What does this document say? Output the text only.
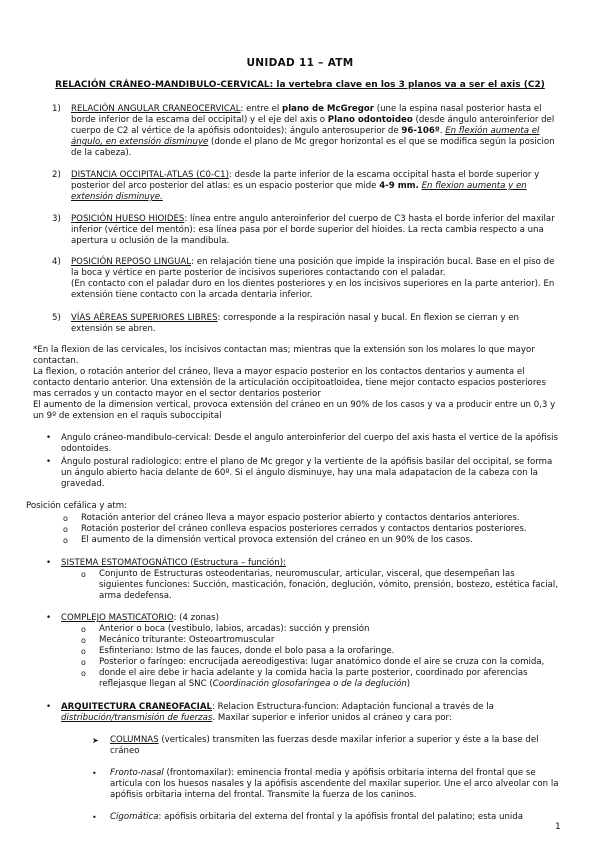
UNIDAD 11 – ATM
RELACIÓN CRÁNEO-MANDIBULO-CERVICAL: la vertebra clave en los 3 planos va a ser el axis (C2)
1) RELACIÓN ANGULAR CRANEOCERVICAL: entre el plano de McGregor (une la espina nasal posterior hasta el borde inferior de la escama del occipital) y el eje del axis o Plano odontoideo (desde ángulo anteroinferior del cuerpo de C2 al vértice de la apófisis odontoides): ángulo anterosuperior de 96-106º. En flexión aumenta el ángulo, en extensión disminuye (donde el plano de Mc gregor horizontal es el que se modifica según la posicion de la cabeza).
2) DISTANCIA OCCIPITAL-ATLAS (C0-C1): desde la parte inferior de la escama occipital hasta el borde superior y posterior del arco posterior del atlas: es un espacio posterior que mide 4-9 mm. En flexion aumenta y en extensión disminuye.
3) POSICIÓN HUESO HIOIDES: línea entre angulo anteroinferior del cuerpo de C3 hasta el borde inferior del maxilar inferior (vértice del mentón): esa línea pasa por el borde superior del hioides. La recta cambia respecto a una apertura u oclusión de la mandibula.
4) POSICIÓN REPOSO LINGUAL: en relajación tiene una posición que impide la inspiración bucal. Base en el piso de la boca y vértice en parte posterior de incisivos superiores contactando con el paladar.
(En contacto con el paladar duro en los dientes posteriores y en los incisivos superiores en la parte anterior). En extensión tiene contacto con la arcada dentaria inferior.
5) VÍAS AÉREAS SUPERIORES LIBRES: corresponde a la respiración nasal y bucal. En flexion se cierran y en extensión se abren.
*En la flexion de las cervicales, los incisivos contactan mas; mientras que la extensión son los molares lo que mayor contactan.
La flexion, o rotación anterior del cráneo, lleva a mayor espacio posterior en los contactos dentarios y aumenta el contacto dentario anterior. Una extensión de la articulación occipitoatloidea, tiene mejor contacto espacios posteriores mas cerrados y un contacto mayor en el sector dentarios posterior
El aumento de la dimension vertical, provoca extensión del cráneo en un 90% de los casos y va a producir entre un 0,3 y un 9º de extension en el raquis suboccipital
• Angulo cráneo-mandibulo-cervical: Desde el angulo anteroinferior del cuerpo del axis hasta el vertice de la apófisis odontoides.
• Ángulo postural radiologico: entre el plano de Mc gregor y la vertiente de la apófisis basilar del occipital, se forma un ángulo abierto hacia delante de 60º. Si el ángulo disminuye, hay una mala adapatacion de la cabeza con la gravedad.
Posición cefálica y atm:
o Rotación anterior del cráneo lleva a mayor espacio posterior abierto y contactos dentarios anteriores.
o Rotación posterior del cráneo conlleva espacios posteriores cerrados y contactos dentarios posteriores.
o El aumento de la dimensión vertical provoca extensión del cráneo en un 90% de los casos.
• SISTEMA ESTOMATOGNÁTICO (Estructura – función):
o Conjunto de Estructuras osteodentarias, neuromuscular, articular, visceral, que desempeñan las siguientes funciones: Succión, masticación, fonación, deglución, vómito, prensión, bostezo, estética facial, arma dedefensa.
• COMPLEJO MASTICATORIO: (4 zonas)
o Anterior o boca (vestibulo, labios, arcadas): succión y prensión
o Mecánico triturante: Osteoartromuscular
o Esfinteriano: Istmo de las fauces, donde el bolo pasa a la orofaringe.
o Posterior o faríngeo: encrucijada aereodigestiva: lugar anatómico donde el aire se cruza con la comida,
o donde el aire debe ir hacia adelante y la comida hacia la parte posterior, coordinado por aferencias reflejasque llegan al SNC (Coordinación glosofaríngea o de la deglución)
• ARQUITECTURA CRANEOFACIAL: Relacion Estructura-funcion: Adaptación funcional a través de la distribución/transmisión de fuerzas. Maxilar superior e inferior unidos al cráneo y cara por:
➤ COLUMNAS (verticales) transmiten las fuerzas desde maxilar inferior a superior y éste a la base del cráneo
• Fronto-nasal (frontomaxilar): eminencia frontal media y apófisis orbitaria interna del frontal que se articula con los huesos nasales y la apófisis ascendente del maxilar superior. Une el arco alveolar con la apófisis orbitaria interna del frontal. Transmite la fuerza de los caninos.
• Cigomática: apófisis orbitaria del externa del frontal y la apófisis frontal del palatino; esta unida
1
